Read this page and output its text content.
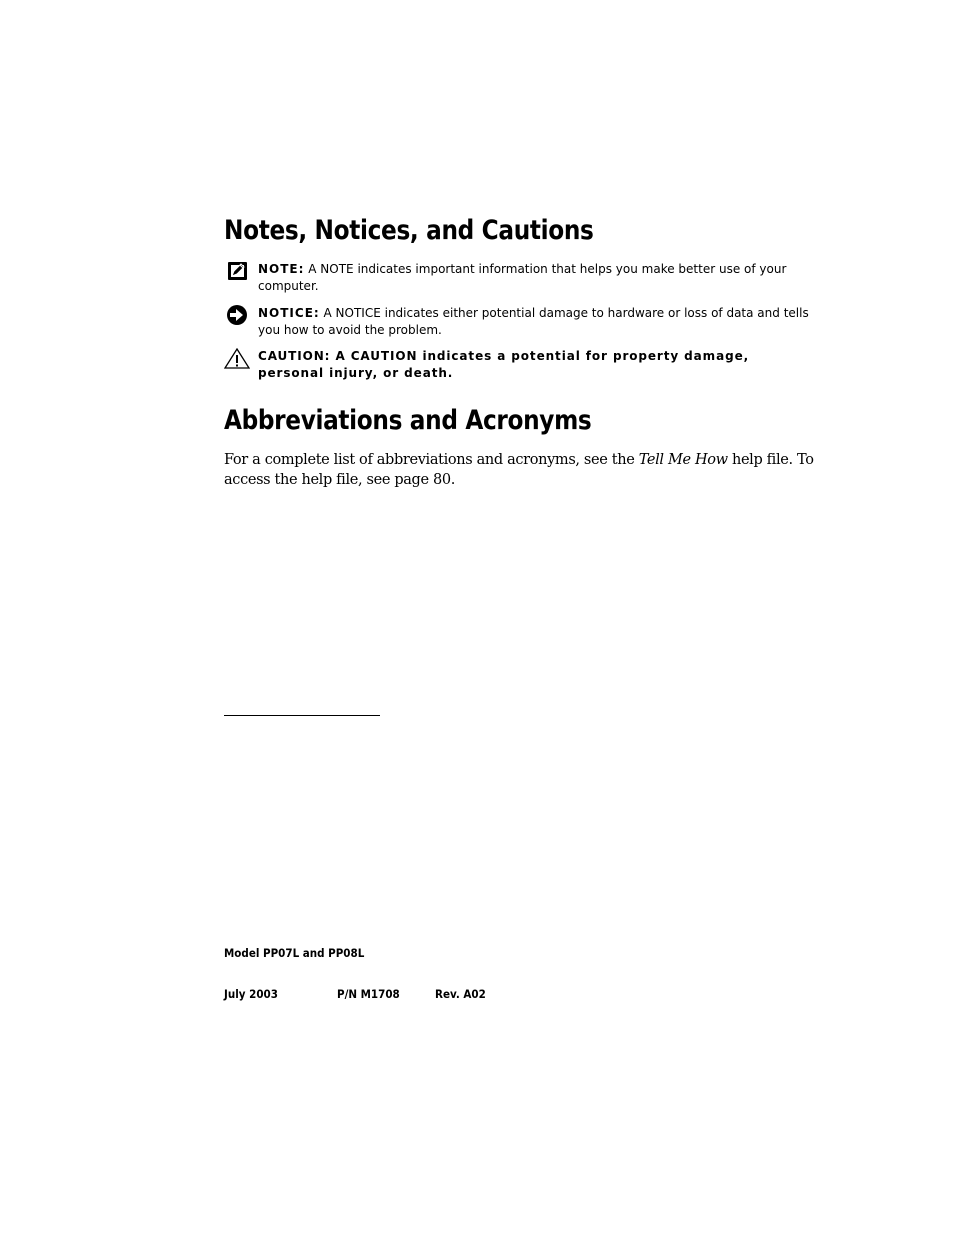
Notes, Notices, and Cautions
NOTE: A NOTE indicates important information that helps you make better use of your computer.
NOTICE: A NOTICE indicates either potential damage to hardware or loss of data and tells you how to avoid the problem.
CAUTION: A CAUTION indicates a potential for property damage, personal injury, or death.
Abbreviations and Acronyms

For a complete list of abbreviations and acronyms, see the Tell Me How help file. To access the help file, see page 80.

Model PP07L and PP08L
July 2003	P/N M1708	Rev. A02
